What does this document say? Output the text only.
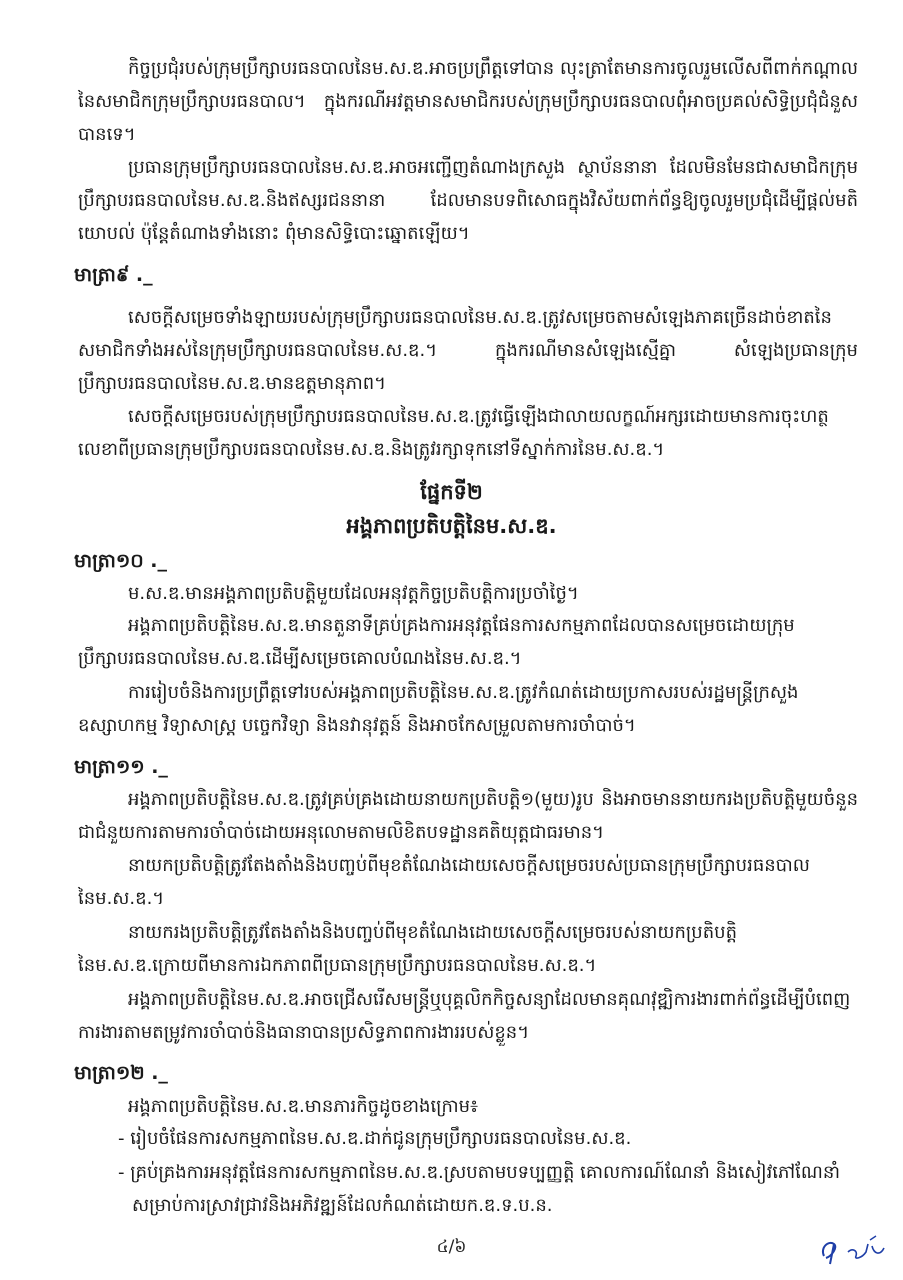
កិច្ចប្រជុំរបស់ក្រុមប្រឹក្សាបរធនបាលនៃម.ស.ឌ.អាចប្រព្រឹត្តទៅបាន លុះត្រាតែមានការចូលរួមលើសពីពាក់កណ្តាលនៃសមាជិកក្រុមប្រឹក្សាបរធនបាល។ ក្នុងករណីអវត្តមានសមាជិករបស់ក្រុមប្រឹក្សាបរធនបាលពុំអាចប្រគល់សិទ្ធិប្រជុំជំនួសបានទេ។
ប្រធានក្រុមប្រឹក្សាបរធនបាលនៃម.ស.ឌ.អាចអញ្ជើញតំណាងក្រសួង ស្ថាប័ននានា ដែលមិនមែនជាសមាជិកក្រុមប្រឹក្សាបរធនបាលនៃម.ស.ឌ.និងឥស្សរជននានា ដែលមានបទពិសោធក្នុងវិស័យពាក់ព័ន្ធឱ្យចូលរួមប្រជុំដើម្បីផ្តល់មតិយោបល់ ប៉ុន្តែតំណាងទាំងនោះ ពុំមានសិទ្ធិបោះឆ្នោតឡើយ។
មាត្រា៩ ._
សេចក្តីសម្រេចទាំងឡាយរបស់ក្រុមប្រឹក្សាបរធនបាលនៃម.ស.ឌ.ត្រូវសម្រេចតាមសំឡេងភាគច្រើនដាច់ខាតនៃសមាជិកទាំងអស់នៃក្រុមប្រឹក្សាបរធនបាលនៃម.ស.ឌ.។ ក្នុងករណីមានសំឡេងស្មើគ្នា សំឡេងប្រធានក្រុមប្រឹក្សាបរធនបាលនៃម.ស.ឌ.មានឧត្តមានុភាព។
សេចក្តីសម្រេចរបស់ក្រុមប្រឹក្សាបរធនបាលនៃម.ស.ឌ.ត្រូវធ្វើឡើងជាលាយលក្ខណ៍អក្សរដោយមានការចុះហត្ថលេខាពីប្រធានក្រុមប្រឹក្សាបរធនបាលនៃម.ស.ឌ.និងត្រូវរក្សាទុកនៅទីស្នាក់ការនៃម.ស.ឌ.។
ផ្នែកទី២
អង្គភាពប្រតិបត្តិនៃម.ស.ឌ.
មាត្រា១០ ._
ម.ស.ឌ.មានអង្គភាពប្រតិបត្តិមួយដែលអនុវត្តកិច្ចប្រតិបត្តិការប្រចាំថ្ងៃ។
អង្គភាពប្រតិបត្តិនៃម.ស.ឌ.មានតួនាទីគ្រប់គ្រងការអនុវត្តផែនការសកម្មភាពដែលបានសម្រេចដោយក្រុមប្រឹក្សាបរធនបាលនៃម.ស.ឌ.ដើម្បីសម្រេចគោលបំណងនៃម.ស.ឌ.។
ការរៀបចំនិងការប្រព្រឹត្តទៅរបស់អង្គភាពប្រតិបត្តិនៃម.ស.ឌ.ត្រូវកំណត់ដោយប្រកាសរបស់រដ្ឋមន្ត្រីក្រសួងឧស្សាហកម្ម វិទ្យាសាស្ត្រ បច្ចេកវិទ្យា និងនវានុវត្តន៍ និងអាចកែសម្រួលតាមការចាំបាច់។
មាត្រា១១ ._
អង្គភាពប្រតិបត្តិនៃម.ស.ឌ.ត្រូវគ្រប់គ្រងដោយនាយកប្រតិបត្តិ១(មួយ)រូប និងអាចមាននាយករងប្រតិបត្តិមួយចំនួនជាជំនួយការតាមការចាំបាច់ដោយអនុលោមតាមលិខិតបទដ្ឋានគតិយុត្តជាធរមាន។
នាយកប្រតិបត្តិត្រូវតែងតាំងនិងបញ្ចប់ពីមុខតំណែងដោយសេចក្តីសម្រេចរបស់ប្រធានក្រុមប្រឹក្សាបរធនបាលនៃម.ស.ឌ.។
នាយករងប្រតិបត្តិត្រូវតែងតាំងនិងបញ្ចប់ពីមុខតំណែងដោយសេចក្តីសម្រេចរបស់នាយកប្រតិបត្តិនៃម.ស.ឌ.ក្រោយពីមានការឯកភាពពីប្រធានក្រុមប្រឹក្សាបរធនបាលនៃម.ស.ឌ.។
អង្គភាពប្រតិបត្តិនៃម.ស.ឌ.អាចជ្រើសរើសមន្ត្រីឬបុគ្គលិកកិច្ចសន្យាដែលមានគុណវុឌ្ឍិការងារពាក់ព័ន្ធដើម្បីបំពេញការងារតាមតម្រូវការចាំបាច់និងធានាបានប្រសិទ្ធភាពការងាររបស់ខ្លួន។
មាត្រា១២ ._
អង្គភាពប្រតិបត្តិនៃម.ស.ឌ.មានភារកិច្ចដូចខាងក្រោម៖
- រៀបចំផែនការសកម្មភាពនៃម.ស.ឌ.ដាក់ជូនក្រុមប្រឹក្សាបរធនបាលនៃម.ស.ឌ.
- គ្រប់គ្រងការអនុវត្តផែនការសកម្មភាពនៃម.ស.ឌ.ស្របតាមបទប្បញ្ញត្តិ គោលការណ៍ណែនាំ និងសៀវភៅណែនាំសម្រាប់ការស្រាវជ្រាវនិងអភិវឌ្ឍន៍ដែលកំណត់ដោយក.ឌ.ទ.ប.ន.
៤/៦
